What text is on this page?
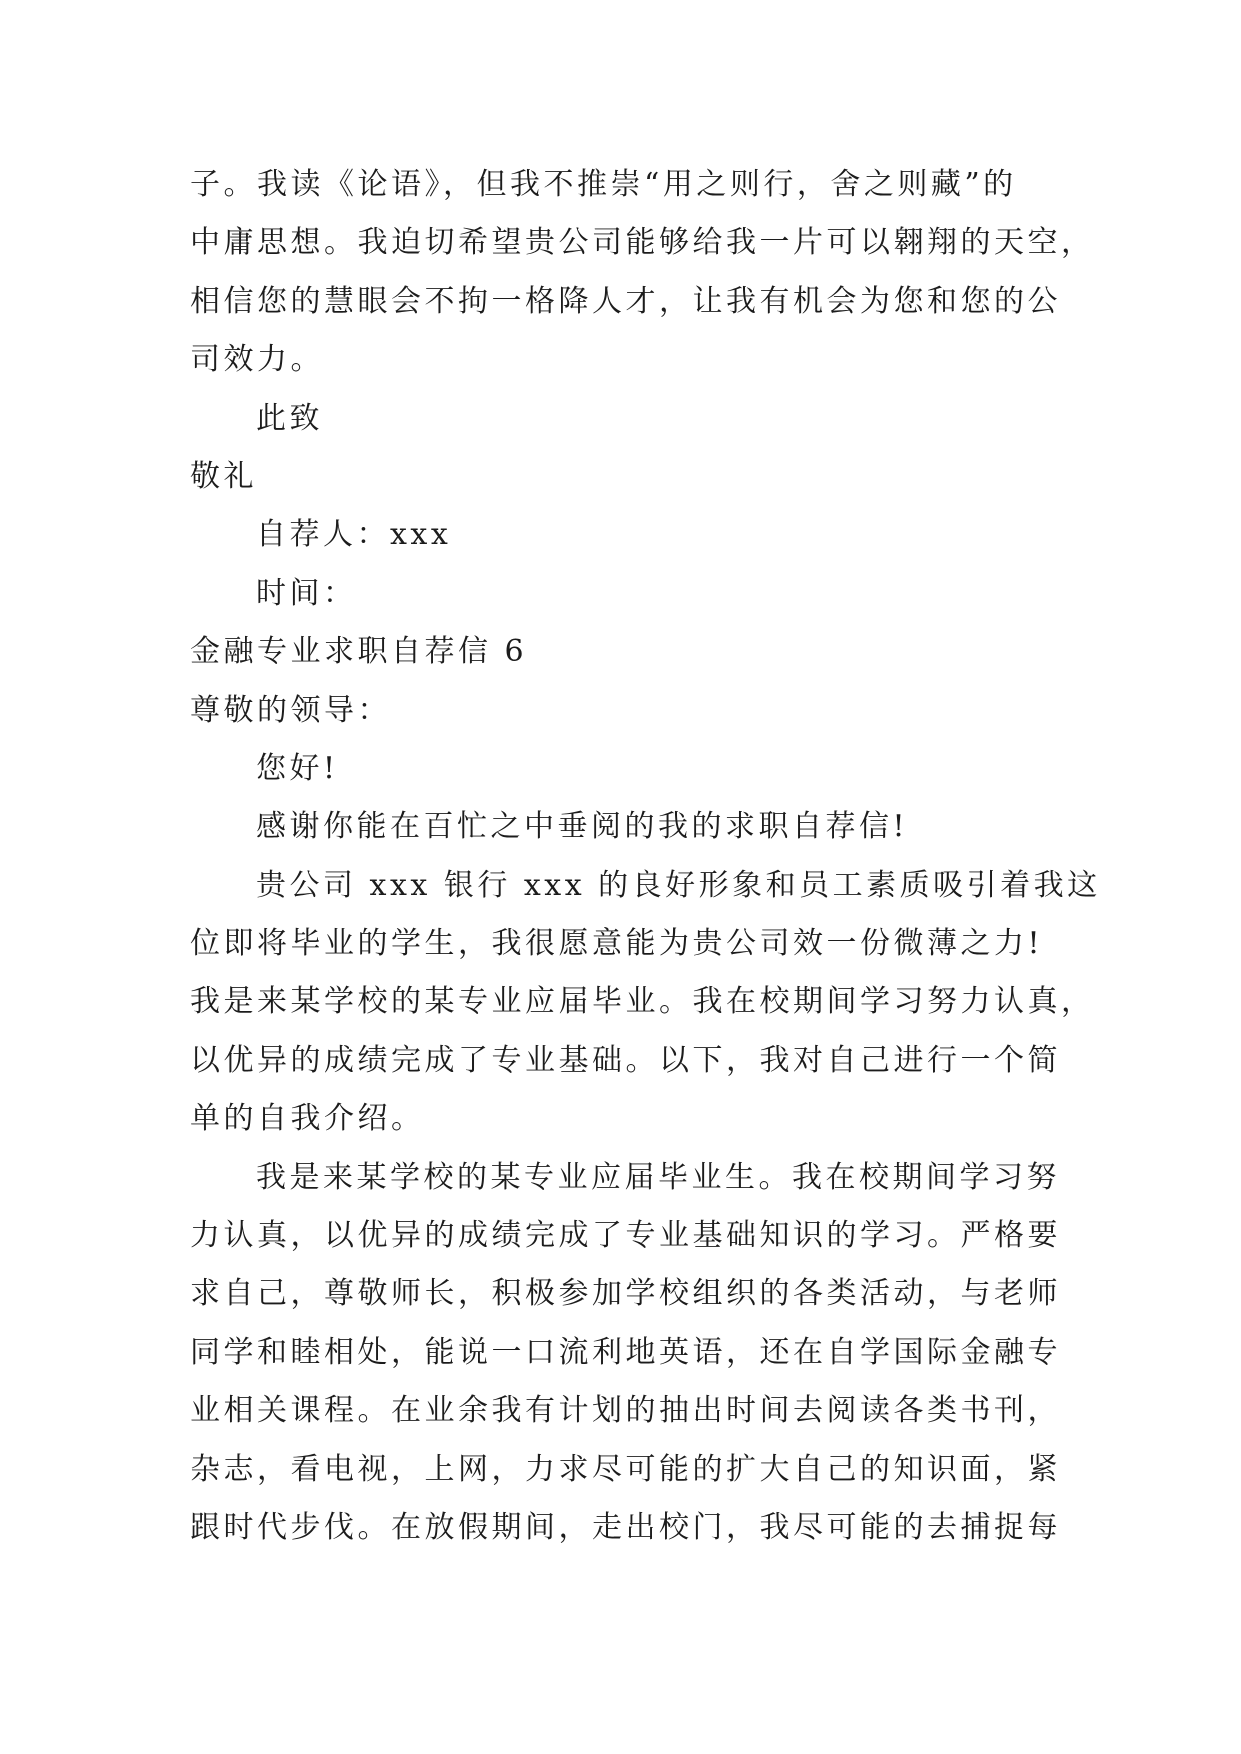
子。我读《论语》，但我不推崇“用之则行，舍之则藏”的
中庸思想。我迫切希望贵公司能够给我一片可以翱翔的天空，
相信您的慧眼会不拘一格降人才，让我有机会为您和您的公
司效力。
此致
敬礼
自荐人：xxx
时间：
金融专业求职自荐信 6
尊敬的领导：
您好!
感谢你能在百忙之中垂阅的我的求职自荐信!
贵公司 xxx 银行 xxx 的良好形象和员工素质吸引着我这
位即将毕业的学生，我很愿意能为贵公司效一份微薄之力!
我是来某学校的某专业应届毕业。我在校期间学习努力认真，
以优异的成绩完成了专业基础。以下，我对自己进行一个简
单的自我介绍。
我是来某学校的某专业应届毕业生。我在校期间学习努
力认真，以优异的成绩完成了专业基础知识的学习。严格要
求自己，尊敬师长，积极参加学校组织的各类活动，与老师
同学和睦相处，能说一口流利地英语，还在自学国际金融专
业相关课程。在业余我有计划的抽出时间去阅读各类书刊，
杂志，看电视，上网，力求尽可能的扩大自己的知识面，紧
跟时代步伐。在放假期间，走出校门，我尽可能的去捕捉每
